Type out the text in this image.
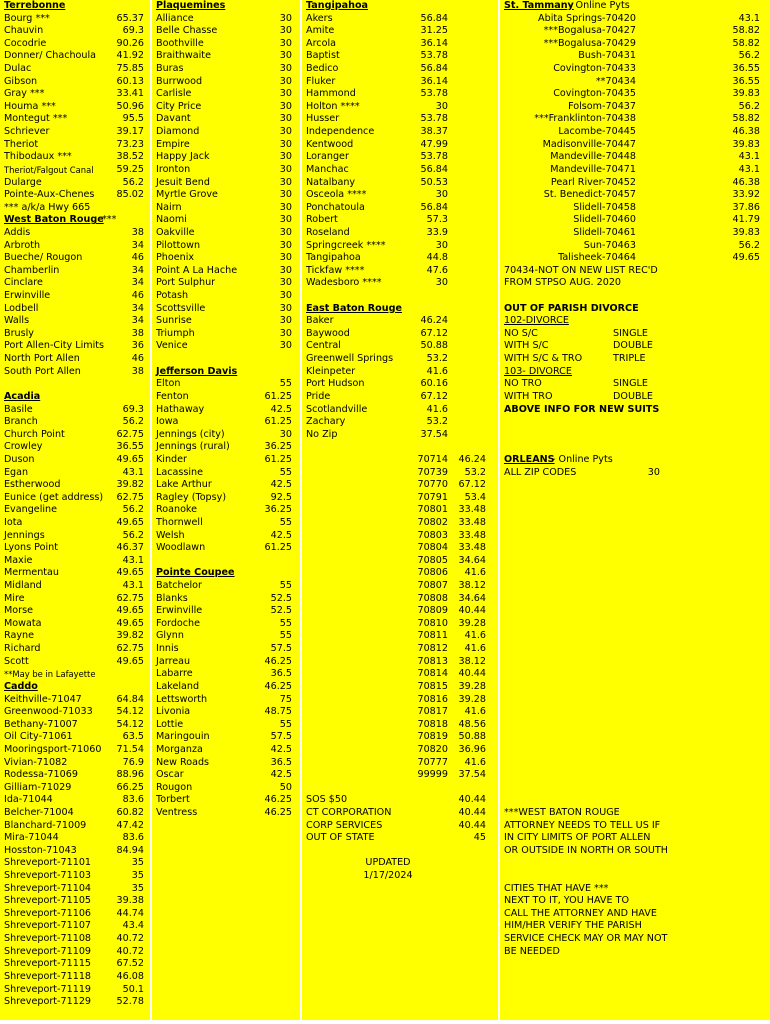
Terrebonne
Bourg ***	65.37
Chauvin	69.3
Cocodrie	90.26
Donner/ Chachoula 41.92
Dulac	75.85
Gibson	60.13
Gray ***	33.41
Houma ***	50.96
Montegut ***	95.5
Schriever	39.17
Theriot	73.23
Thibodaux ***	38.52
Theriot/Falgout Canal 59.25
Dularge	56.2
Pointe-Aux-Chenes 85.02
*** a/k/a Hwy 665
West Baton Rouge
***
Addis	38
Arbroth	34
Bueche/ Rougon	46
Chamberlin	34
Cinclare	34
Erwinville	46
Lodbell	34
Walls	34
Brusly	38
Port Allen-City Limits	36
North Port Allen	46
South Port Allen	38
Acadia
Basile	69.3
Branch	56.2
Church Point	62.75
Crowley	36.55
Duson	49.65
Egan	43.1
Estherwood	39.82
Eunice (get address) 62.75
Evangeline	56.2
Iota	49.65
Jennings	56.2
Lyons Point	46.37
Maxie	43.1
Mermentau	49.65
Midland	43.1
Mire	62.75
Morse	49.65
Mowata	49.65
Rayne	39.82
Richard	62.75
Scott	49.65
**May be in Lafayette
Caddo
Keithville-71047	64.84
Greenwood-71033 54.12
Bethany-71007	54.12
Oil City-71061	63.5
Mooringsport-71060 71.54
Vivian-71082	76.9
Rodessa-71069	88.96
Gilliam-71029	66.25
Ida-71044	83.6
Belcher-71004	60.82
Blanchard-71009	47.42
Mira-71044	83.6
Hosston-71043	84.94
Shreveport-71101	35
Shreveport-71103	35
Shreveport-71104	35
Shreveport-71105	39.38
Shreveport-71106	44.74
Shreveport-71107	43.4
Shreveport-71108	40.72
Shreveport-71109	40.72
Shreveport-71115	67.52
Shreveport-71118	46.08
Shreveport-71119	50.1
Shreveport-71129	52.78
Plaquemines
Alliance	30
Belle Chasse	30
Boothville	30
Braithwaite	30
Buras	30
Burrwood	30
Carlisle	30
City Price	30
Davant	30
Diamond	30
Empire	30
Happy Jack	30
Ironton	30
Jesuit Bend	30
Myrtle Grove	30
Nairn	30
Naomi	30
Oakville	30
Pilottown	30
Phoenix	30
Point A La Hache	30
Port Sulphur	30
Potash	30
Scottsville	30
Sunrise	30
Triumph	30
Venice	30
Jefferson Davis
Elton	55
Fenton	61.25
Hathaway	42.5
Iowa	61.25
Jennings (city)	30
Jennings (rural)	36.25
Kinder	61.25
Lacassine	55
Lake Arthur	42.5
Ragley (Topsy)	92.5
Roanoke	36.25
Thornwell	55
Welsh	42.5
Woodlawn	61.25
Pointe Coupee
Batchelor	55
Blanks	52.5
Erwinville	52.5
Fordoche	55
Glynn	55
Innis	57.5
Jarreau	46.25
Labarre	36.5
Lakeland	46.25
Lettsworth	75
Livonia	48.75
Lottie	55
Maringouin	57.5
Morganza	42.5
New Roads	36.5
Oscar	42.5
Rougon	50
Torbert	46.25
Ventress	46.25
Tangipahoa
Akers	56.84
Amite	31.25
Arcola	36.14
Baptist	53.78
Bedico	56.84
Fluker	36.14
Hammond	53.78
Holton ****	30
Husser	53.78
Independence	38.37
Kentwood	47.99
Loranger	53.78
Manchac	56.84
Natalbany	50.53
Osceola ****	30
Ponchatoula	56.84
Robert	57.3
Roseland	33.9
Springcreek ****	30
Tangipahoa	44.8
Tickfaw ****	47.6
Wadesboro ****	30
East Baton Rouge
Baker	46.24
Baywood	67.12
Central	50.88
Greenwell Springs	53.2
Kleinpeter	41.6
Port Hudson	60.16
Pride	67.12
Scotlandville	41.6
Zachary	53.2
No Zip	37.54
70714	46.24
70739	53.2
70770	67.12
70791	53.4
70801	33.48
70802	33.48
70803	33.48
70804	33.48
70805	34.64
70806	41.6
70807	38.12
70808	34.64
70809	40.44
70810	39.28
70811	41.6
70812	41.6
70813	38.12
70814	40.44
70815	39.28
70816	39.28
70817	41.6
70818	48.56
70819	50.88
70820	36.96
70777	41.6
99999	37.54
SOS $50	40.44
CT CORPORATION	40.44
CORP SERVICES	40.44
OUT OF STATE	45
UPDATED
1/17/2024
St. Tammany
- Online Pyts
Abita Springs-70420	43.1
***Bogalusa-70427	58.82
***Bogalusa-70429	58.82
Bush-70431	56.2
Covington-70433	36.55
**70434	36.55
Covington-70435	39.83
Folsom-70437	56.2
***Franklinton-70438	58.82
Lacombe-70445	46.38
Madisonville-70447	39.83
Mandeville-70448	43.1
Mandeville-70471	43.1
Pearl River-70452	46.38
St. Benedict-70457	33.92
Slidell-70458	37.86
Slidell-70460	41.79
Slidell-70461	39.83
Sun-70463	56.2
Talisheek-70464	49.65
70434-NOT ON NEW LIST REC'D
FROM STPSO AUG. 2020
OUT OF PARISH DIVORCE
102-DIVORCE
NO S/C	SINGLE
WITH S/C	DOUBLE
WITH S/C & TRO	TRIPLE
103- DIVORCE
NO TRO	SINGLE
WITH TRO	DOUBLE
ABOVE INFO FOR NEW SUITS
ORLEANS
- Online Pyts
ALL ZIP CODES	30
***WEST BATON ROUGE
ATTORNEY NEEDS TO TELL US IF
IN CITY LIMITS OF PORT ALLEN
OR OUTSIDE IN NORTH OR SOUTH
CITIES THAT HAVE ***
NEXT TO IT, YOU HAVE TO
CALL THE ATTORNEY AND HAVE
HIM/HER VERIFY THE PARISH
SERVICE CHECK MAY OR MAY NOT
BE NEEDED
